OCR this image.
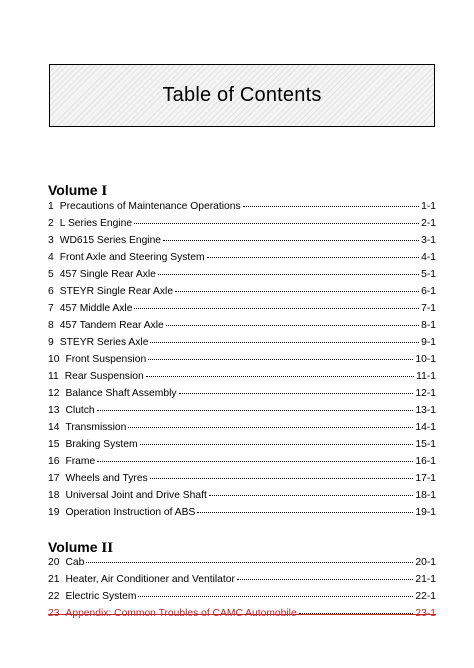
Table of Contents
Volume I
1 Precautions of Maintenance Operations	1-1
2 L Series Engine	2-1
3 WD615 Series Engine	3-1
4 Front Axle and Steering System	4-1
5 457 Single Rear Axle	5-1
6 STEYR Single Rear Axle	6-1
7 457 Middle Axle	7-1
8 457 Tandem Rear Axle	8-1
9 STEYR Series Axle	9-1
10 Front Suspension	10-1
11 Rear Suspension	11-1
12 Balance Shaft Assembly	12-1
13 Clutch	13-1
14 Transmission	14-1
15 Braking System	15-1
16 Frame	16-1
17 Wheels and Tyres	17-1
18 Universal Joint and Drive Shaft	18-1
19 Operation Instruction of ABS	19-1
Volume II
20 Cab	20-1
21 Heater, Air Conditioner and Ventilator	21-1
22 Electric System	22-1
23 Appendix: Common Troubles of CAMC Automobile	23-1
